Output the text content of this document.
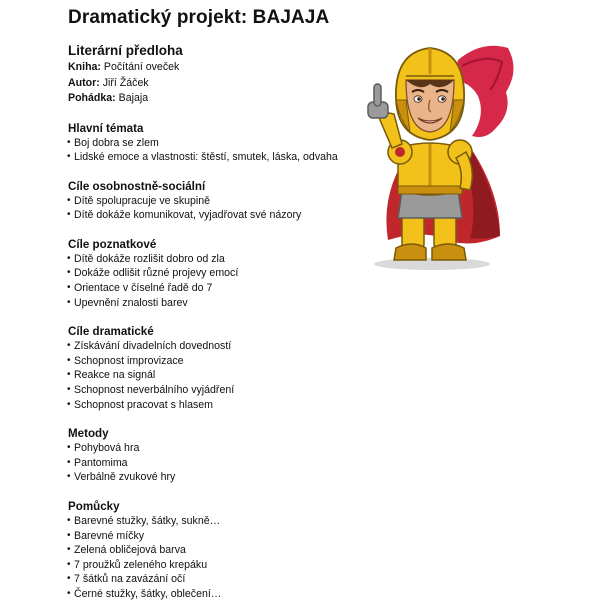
Dramatický projekt: BAJAJA
Literární předloha
Kniha: Počítání oveček
Autor: Jiří Žáček
Pohádka: Bajaja
Hlavní témata
• Boj dobra se zlem
• Lidské emoce a vlastnosti: štěstí, smutek, láska, odvaha
Cíle osobnostně-sociální
• Dítě spolupracuje ve skupině
• Dítě dokáže komunikovat, vyjadřovat své názory
Cíle poznatkové
• Dítě dokáže rozlišit dobro od zla
• Dokáže odlišit různé projevy emocí
• Orientace v číselné řadě do 7
• Upevnění znalosti barev
Cíle dramatické
• Získávání divadelních dovedností
• Schopnost improvizace
• Reakce na signál
• Schopnost neverbálního vyjádření
• Schopnost pracovat s hlasem
Metody
• Pohybová hra
• Pantomima
• Verbálně zvukové hry
Pomůcky
• Barevné stužky, šátky, sukně…
• Barevné míčky
• Zelená obličejová barva
• 7 proužků zeleného krepáku
• 7 šátků na zavázání očí
• Černé stužky, šátky, oblečení…
